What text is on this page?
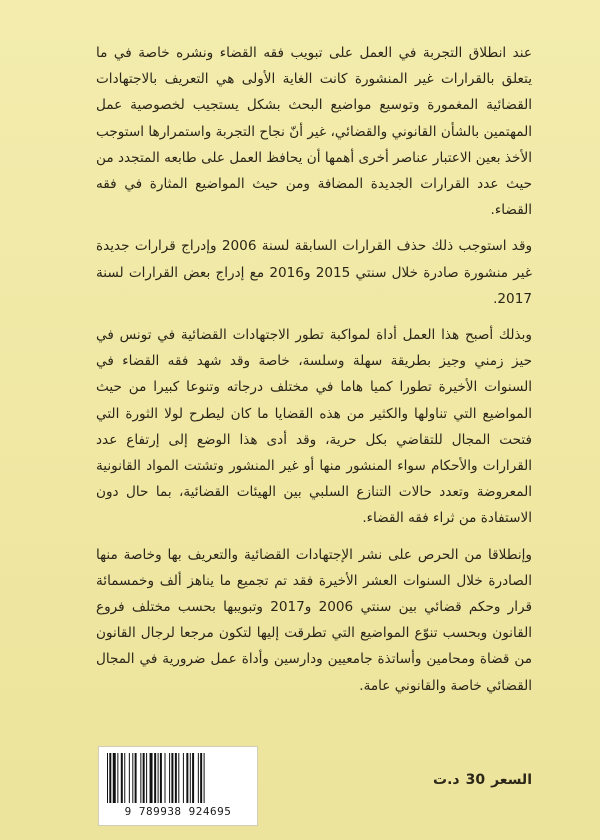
عند انطلاق التجربة في العمل على تبويب فقه القضاء ونشره خاصة في ما يتعلق بالقرارات غير المنشورة كانت الغاية الأولى هي التعريف بالاجتهادات القضائية المغمورة وتوسيع مواضيع البحث بشكل يستجيب لخصوصية عمل المهتمين بالشأن القانوني والقضائي، غير أنّ نجاح التجربة واستمرارها استوجب الأخذ بعين الاعتبار عناصر أخرى أهمها أن يحافظ العمل على طابعه المتجدد من حيث عدد القرارات الجديدة المضافة ومن حيث المواضيع المثارة في فقه القضاء.

وقد استوجب ذلك حذف القرارات السابقة لسنة 2006 وإدراج قرارات جديدة غير منشورة صادرة خلال سنتي 2015 و2016 مع إدراج بعض القرارات لسنة 2017.

وبذلك أصبح هذا العمل أداة لمواكبة تطور الاجتهادات القضائية في تونس في حيز زمني وجيز بطريقة سهلة وسلسة، خاصة وقد شهد فقه القضاء في السنوات الأخيرة تطورا كميا هاما في مختلف درجاته وتنوعا كبيرا من حيث المواضيع التي تناولها والكثير من هذه القضايا ما كان ليطرح لولا الثورة التي فتحت المجال للتقاضي بكل حرية، وقد أدى هذا الوضع إلى إرتفاع عدد القرارات والأحكام سواء المنشور منها أو غير المنشور وتشتت المواد القانونية المعروضة وتعدد حالات التنازع السلبي بين الهيئات القضائية، بما حال دون الاستفادة من ثراء فقه القضاء.

وإنطلاقا من الحرص على نشر الإجتهادات القضائية والتعريف بها وخاصة منها الصادرة خلال السنوات العشر الأخيرة فقد تم تجميع ما يناهز ألف وخمسمائة قرار وحكم قضائي بين سنتي 2006 و2017 وتبويبها بحسب مختلف فروع القانون وبحسب تنوّع المواضيع التي تطرقت إليها لتكون مرجعا لرجال القانون من قضاة ومحامين وأساتذة جامعيين ودارسين وأداة عمل ضرورية في المجال القضائي خاصة والقانوني عامة.

السعر
30
د.ت
9 789938 924695
